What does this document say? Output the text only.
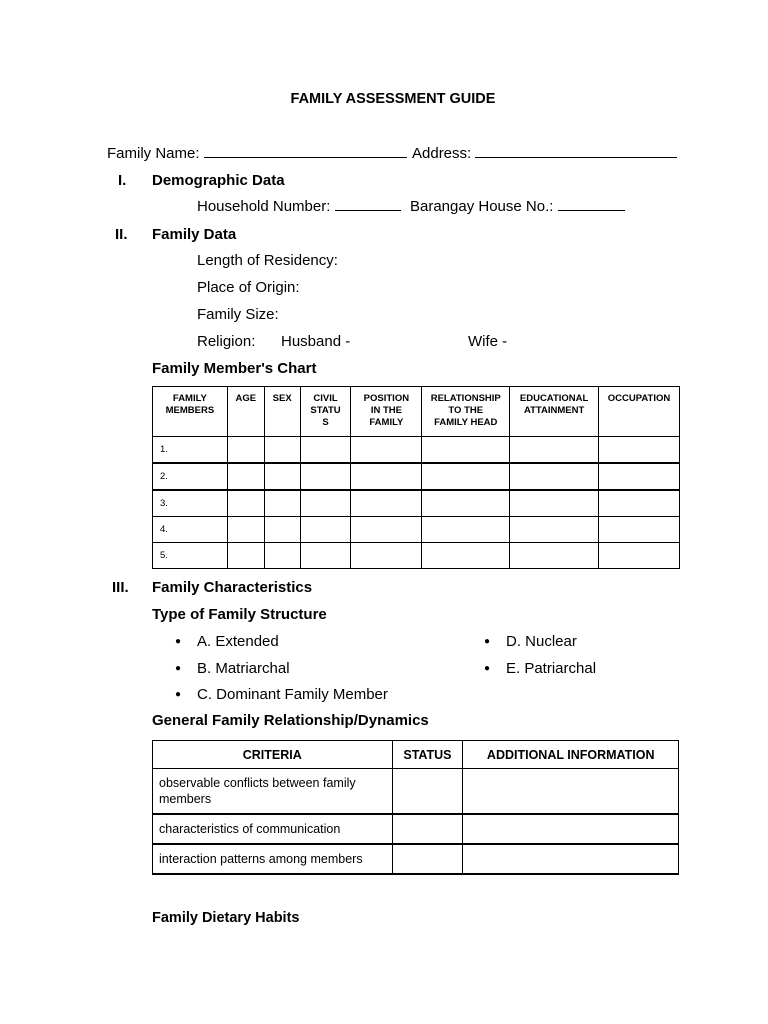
FAMILY ASSESSMENT GUIDE
Family Name:	Address:
I. Demographic Data
Household Number:	Barangay House No.:
II. Family Data
Length of Residency:
Place of Origin:
Family Size:
Religion: Husband -	Wife -
Family Member's Chart
FAMILY
MEMBERS	AGE	SEX	CIVIL
STATU
S	POSITION
IN THE
FAMILY	RELATIONSHIP
TO THE
FAMILY HEAD	EDUCATIONAL
ATTAINMENT	OCCUPATION
1.							
2.							
3.							
4.							
5.							
III. Family Characteristics
Type of Family Structure
● A. Extended
● B. Matriarchal
● C. Dominant Family Member
● D. Nuclear
● E. Patriarchal
General Family Relationship/Dynamics
CRITERIA	STATUS	ADDITIONAL INFORMATION
observable conflicts between family members		
characteristics of communication		
interaction patterns among members		
Family Dietary Habits
